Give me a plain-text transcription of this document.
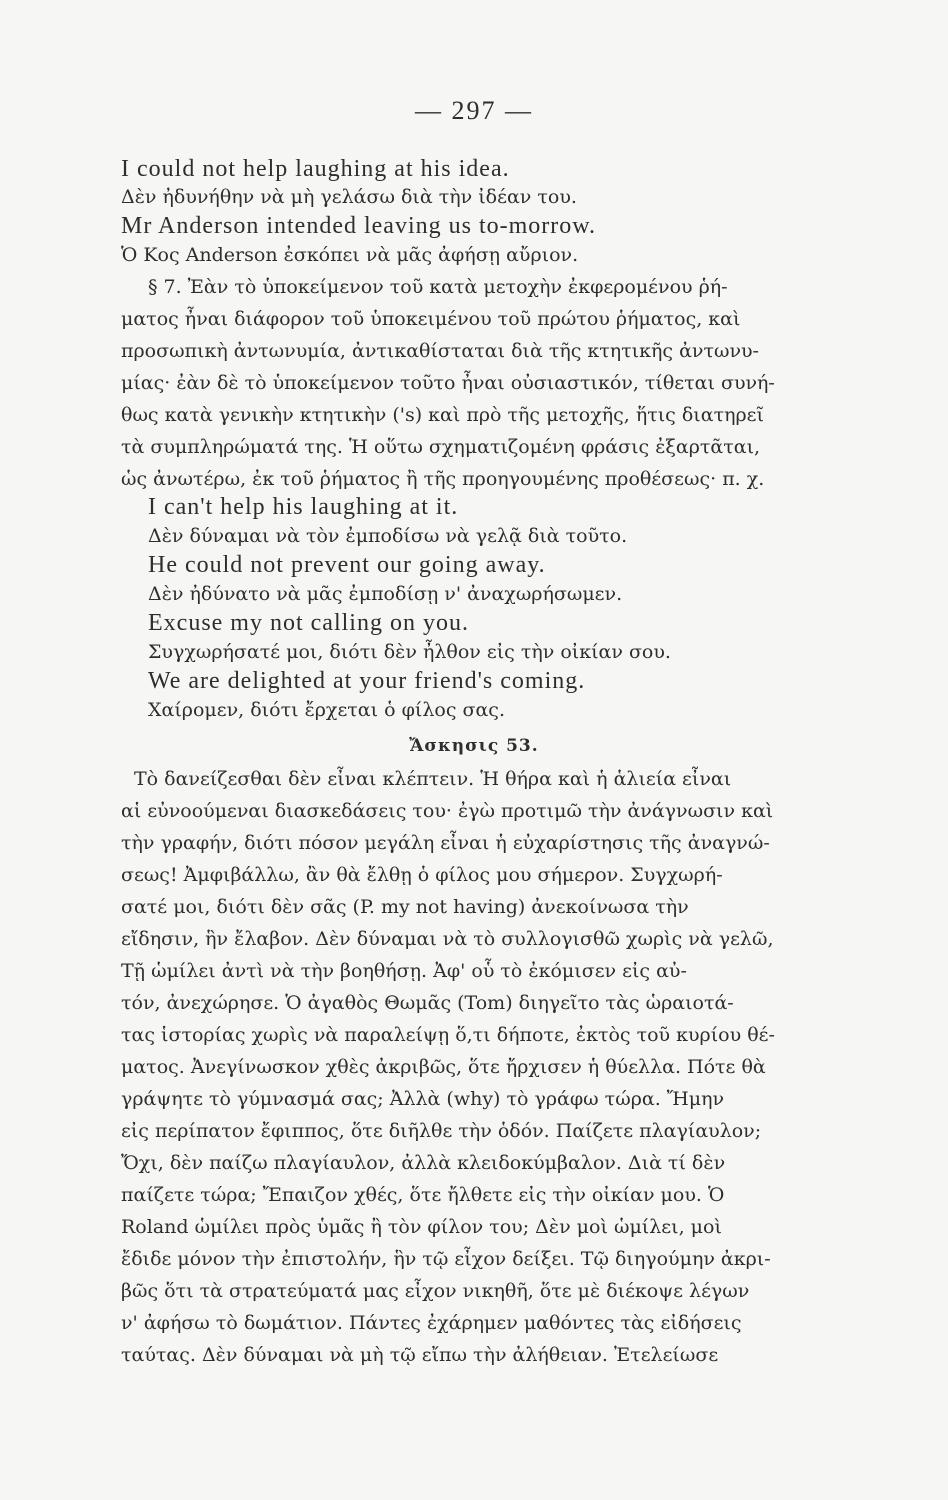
— 297 —
I could not help laughing at his idea.
Δὲν ἠδυνήθην νὰ μὴ γελάσω διὰ τὴν ἰδέαν του.
Mr Anderson intended leaving us to-morrow.
Ὁ Κος Anderson ἐσκόπει νὰ μᾶς ἀφήσῃ αὔριον.
§ 7. Ἐὰν τὸ ὑποκείμενον τοῦ κατὰ μετοχὴν ἐκφερομένου ῥή-
ματος ἦναι διάφορον τοῦ ὑποκειμένου τοῦ πρώτου ῥήματος, καὶ
προσωπικὴ ἀντωνυμία, ἀντικαθίσταται διὰ τῆς κτητικῆς ἀντωνυ-
μίας· ἐὰν δὲ τὸ ὑποκείμενον τοῦτο ἦναι οὐσιαστικόν, τίθεται συνή-
θως κατὰ γενικὴν κτητικὴν ('s) καὶ πρὸ τῆς μετοχῆς, ἥτις διατηρεῖ
τὰ συμπληρώματά της. Ἡ οὕτω σχηματιζομένη φράσις ἐξαρτᾶται,
ὡς ἀνωτέρω, ἐκ τοῦ ῥήματος ἢ τῆς προηγουμένης προθέσεως· π. χ.
I can't help his laughing at it.
Δὲν δύναμαι νὰ τὸν ἐμποδίσω νὰ γελᾷ διὰ τοῦτο.
He could not prevent our going away.
Δὲν ἠδύνατο νὰ μᾶς ἐμποδίσῃ ν' ἀναχωρήσωμεν.
Excuse my not calling on you.
Συγχωρήσατέ μοι, διότι δὲν ἦλθον εἰς τὴν οἰκίαν σου.
We are delighted at your friend's coming.
Χαίρομεν, διότι ἔρχεται ὁ φίλος σας.
Ἄσκησις 53.
Τὸ δανείζεσθαι δὲν εἶναι κλέπτειν. Ἡ θήρα καὶ ἡ ἁλιεία εἶναι
αἱ εὐνοούμεναι διασκεδάσεις του· ἐγὼ προτιμῶ τὴν ἀνάγνωσιν καὶ
τὴν γραφήν, διότι πόσον μεγάλη εἶναι ἡ εὐχαρίστησις τῆς ἀναγνώ-
σεως! Ἀμφιβάλλω, ἂν θὰ ἔλθῃ ὁ φίλος μου σήμερον. Συγχωρή-
σατέ μοι, διότι δὲν σᾶς (P. my not having) ἀνεκοίνωσα τὴν
εἴδησιν, ἣν ἔλαβον. Δὲν δύναμαι νὰ τὸ συλλογισθῶ χωρὶς νὰ γελῶ,
Τῇ ὡμίλει ἀντὶ νὰ τὴν βοηθήσῃ. Ἀφ' οὗ τὸ ἐκόμισεν εἰς αὐ-
τόν, ἀνεχώρησε. Ὁ ἀγαθὸς Θωμᾶς (Tom) διηγεῖτο τὰς ὡραιοτά-
τας ἱστορίας χωρὶς νὰ παραλείψῃ ὅ,τι δήποτε, ἐκτὸς τοῦ κυρίου θέ-
ματος. Ἀνεγίνωσκον χθὲς ἀκριβῶς, ὅτε ἤρχισεν ἡ θύελλα. Πότε θὰ
γράψητε τὸ γύμνασμά σας; Ἀλλὰ (why) τὸ γράφω τώρα. Ἤμην
εἰς περίπατον ἔφιππος, ὅτε διῆλθε τὴν ὁδόν. Παίζετε πλαγίαυλον;
Ὄχι, δὲν παίζω πλαγίαυλον, ἀλλὰ κλειδοκύμβαλον. Διὰ τί δὲν
παίζετε τώρα; Ἔπαιζον χθές, ὅτε ἤλθετε εἰς τὴν οἰκίαν μου. Ὁ
Roland ὡμίλει πρὸς ὑμᾶς ἢ τὸν φίλον του; Δὲν μοὶ ὡμίλει, μοὶ
ἔδιδε μόνον τὴν ἐπιστολήν, ἣν τῷ εἶχον δείξει. Τῷ διηγούμην ἀκρι-
βῶς ὅτι τὰ στρατεύματά μας εἶχον νικηθῆ, ὅτε μὲ διέκοψε λέγων
ν' ἀφήσω τὸ δωμάτιον. Πάντες ἐχάρημεν μαθόντες τὰς εἰδήσεις
ταύτας. Δὲν δύναμαι νὰ μὴ τῷ εἴπω τὴν ἀλήθειαν. Ἐτελείωσε
